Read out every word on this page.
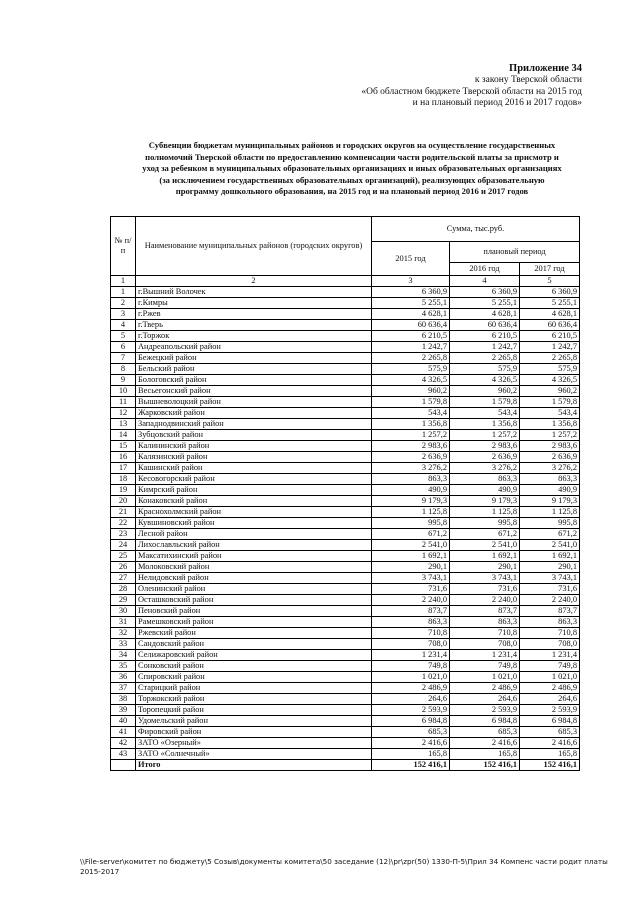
Приложение 34
к закону Тверской области
«Об областном бюджете Тверской области на 2015 год
и на плановый период 2016 и 2017 годов»
Субвенции бюджетам муниципальных районов и городских округов на осуществление государственных
полномочий Тверской области по предоставлению компенсации части родительской платы за присмотр и
уход за ребенком в муниципальных образовательных организациях и иных образовательных организациях
(за исключением государственных образовательных организаций), реализующих образовательную
программу дошкольного образования, на 2015 год и на плановый период 2016 и 2017 годов
№ п/п	Наименование муниципальных районов (городских округов)	Сумма, тыс.руб.		
		2015 год	плановый период	
			2016 год	2017 год
1	2	3	4	5
1	г.Вышний Волочек	6 360,9	6 360,9	6 360,9
2	г.Кимры	5 255,1	5 255,1	5 255,1
3	г.Ржев	4 628,1	4 628,1	4 628,1
4	г.Тверь	60 636,4	60 636,4	60 636,4
5	г.Торжок	6 210,5	6 210,5	6 210,5
6	Андреапольский район	1 242,7	1 242,7	1 242,7
7	Бежецкий район	2 265,8	2 265,8	2 265,8
8	Бельский район	575,9	575,9	575,9
9	Бологовский район	4 326,5	4 326,5	4 326,5
10	Весьегонский район	960,2	960,2	960,2
11	Вышневолоцкий район	1 579,8	1 579,8	1 579,8
12	Жарковский район	543,4	543,4	543,4
13	Западнодвинский район	1 356,8	1 356,8	1 356,8
14	Зубцовский район	1 257,2	1 257,2	1 257,2
15	Калининский район	2 983,6	2 983,6	2 983,6
16	Калязинский район	2 636,9	2 636,9	2 636,9
17	Кашинский район	3 276,2	3 276,2	3 276,2
18	Кесовогорский район	863,3	863,3	863,3
19	Кимрский район	490,9	490,9	490,9
20	Конаковский район	9 179,3	9 179,3	9 179,3
21	Краснохолмский район	1 125,8	1 125,8	1 125,8
22	Кувшиновский район	995,8	995,8	995,8
23	Лесной район	671,2	671,2	671,2
24	Лихославльский район	2 541,0	2 541,0	2 541,0
25	Максатихинский район	1 692,1	1 692,1	1 692,1
26	Молоковский район	290,1	290,1	290,1
27	Нелидовский район	3 743,1	3 743,1	3 743,1
28	Оленинский район	731,6	731,6	731,6
29	Осташковский район	2 240,0	2 240,0	2 240,0
30	Пеновский район	873,7	873,7	873,7
31	Рамешковский район	863,3	863,3	863,3
32	Ржевский район	710,8	710,8	710,8
33	Сандовский район	708,0	708,0	708,0
34	Селижаровский район	1 231,4	1 231,4	1 231,4
35	Сонковский район	749,8	749,8	749,8
36	Спировский район	1 021,0	1 021,0	1 021,0
37	Старицкий район	2 486,9	2 486,9	2 486,9
38	Торжокский район	264,6	264,6	264,6
39	Торопецкий район	2 593,9	2 593,9	2 593,9
40	Удомельский район	6 984,8	6 984,8	6 984,8
41	Фировский район	685,3	685,3	685,3
42	ЗАТО «Озерный»	2 416,6	2 416,6	2 416,6
43	ЗАТО «Солнечный»	165,8	165,8	165,8
	Итого	152 416,1	152 416,1	152 416,1
\\File-server\комитет по бюджету\5 Созыв\документы комитета\50 заседание (12)\pr\zpr(50) 1330-П-5\Прил 34 Компенс части родит платы
2015-2017
